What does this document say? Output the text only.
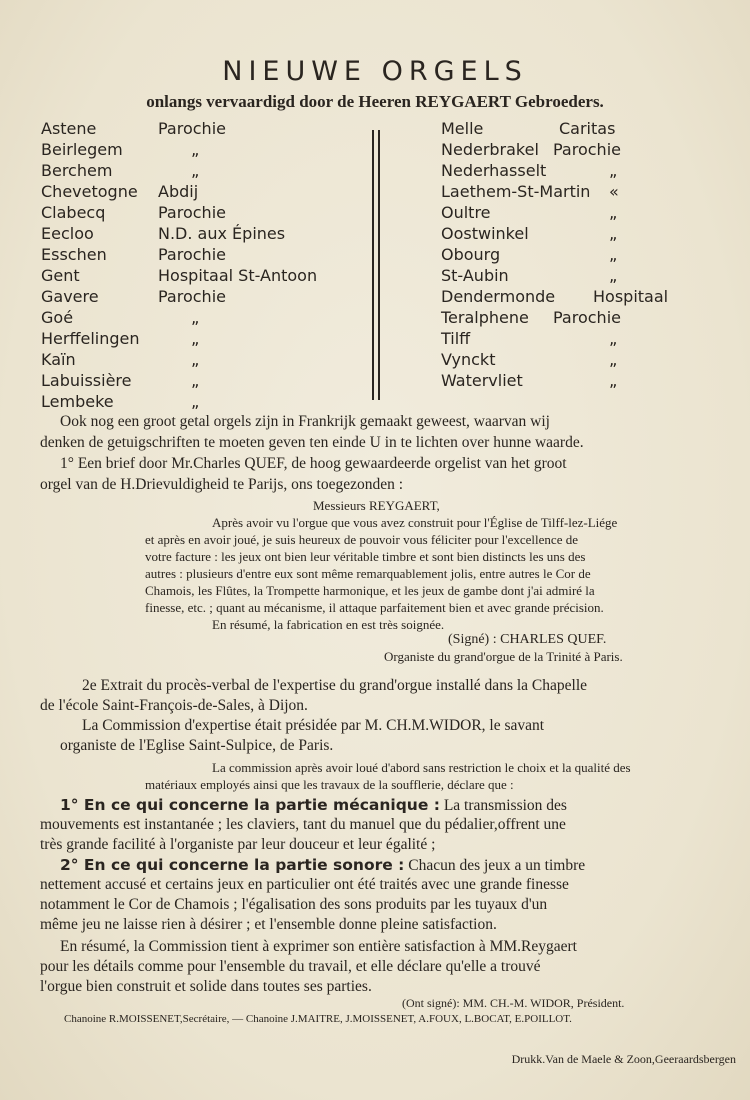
NIEUWE ORGELS
onlangs vervaardigd door de Heeren REYGAERT Gebroeders.
Astene	Parochie
Beirlegem	„
Berchem	„
Chevetogne Abdij
Clabecq	Parochie
Eecloo	N.D. aux Épines
Esschen	Parochie
Gent	Hospitaal St-Antoon
Gavere	Parochie
Goé	„
Herffelingen	„
Kaïn	„
Labuissière	„
Lembeke	„
Melle	Caritas
Nederbrakel Parochie
Nederhasselt	„
Laethem-St-Martin «
Oultre	„
Oostwinkel	„
Obourg	„
St-Aubin	„
Dendermonde Hospitaal
Teralphene Parochie
Tilff	„
Vynckt	„
Watervliet	„
Ook nog een groot getal orgels zijn in Frankrijk gemaakt geweest, waarvan wij
denken de getuigschriften te moeten geven ten einde U in te lichten over hunne waarde.
1° Een brief door Mr.Charles QUEF, de hoog gewaardeerde orgelist van het groot
orgel van de H.Drievuldigheid te Parijs, ons toegezonden :
Messieurs REYGAERT,
Après avoir vu l'orgue que vous avez construit pour l'Église de Tilff-lez-Liége
et après en avoir joué, je suis heureux de pouvoir vous féliciter pour l'excellence de
votre facture : les jeux ont bien leur véritable timbre et sont bien distincts les uns des
autres : plusieurs d'entre eux sont même remarquablement jolis, entre autres le Cor de
Chamois, les Flûtes, la Trompette harmonique, et les jeux de gambe dont j'ai admiré la
finesse, etc. ; quant au mécanisme, il attaque parfaitement bien et avec grande précision.
En résumé, la fabrication en est très soignée.
(Signé) : CHARLES QUEF.
Organiste du grand'orgue de la Trinité à Paris.
2e Extrait du procès-verbal de l'expertise du grand'orgue installé dans la Chapelle
de l'école Saint-François-de-Sales, à Dijon.
La Commission d'expertise était présidée par M. CH.M.WIDOR, le savant
organiste de l'Eglise Saint-Sulpice, de Paris.
La commission après avoir loué d'abord sans restriction le choix et la qualité des
matériaux employés ainsi que les travaux de la soufflerie, déclare que :
1° En ce qui concerne la partie mécanique : La transmission des
mouvements est instantanée ; les claviers, tant du manuel que du pédalier,offrent une
très grande facilité à l'organiste par leur douceur et leur égalité ;
2° En ce qui concerne la partie sonore : Chacun des jeux a un timbre
nettement accusé et certains jeux en particulier ont été traités avec une grande finesse
notamment le Cor de Chamois ; l'égalisation des sons produits par les tuyaux d'un
même jeu ne laisse rien à désirer ; et l'ensemble donne pleine satisfaction.
En résumé, la Commission tient à exprimer son entière satisfaction à MM.Reygaert
pour les détails comme pour l'ensemble du travail, et elle déclare qu'elle a trouvé
l'orgue bien construit et solide dans toutes ses parties.
(Ont signé): MM. CH.-M. WIDOR, Président.
Chanoine R.MOISSENET,Secrétaire, — Chanoine J.MAITRE, J.MOISSENET, A.FOUX, L.BOCAT, E.POILLOT.
Drukk.Van de Maele & Zoon,Geeraardsbergen
